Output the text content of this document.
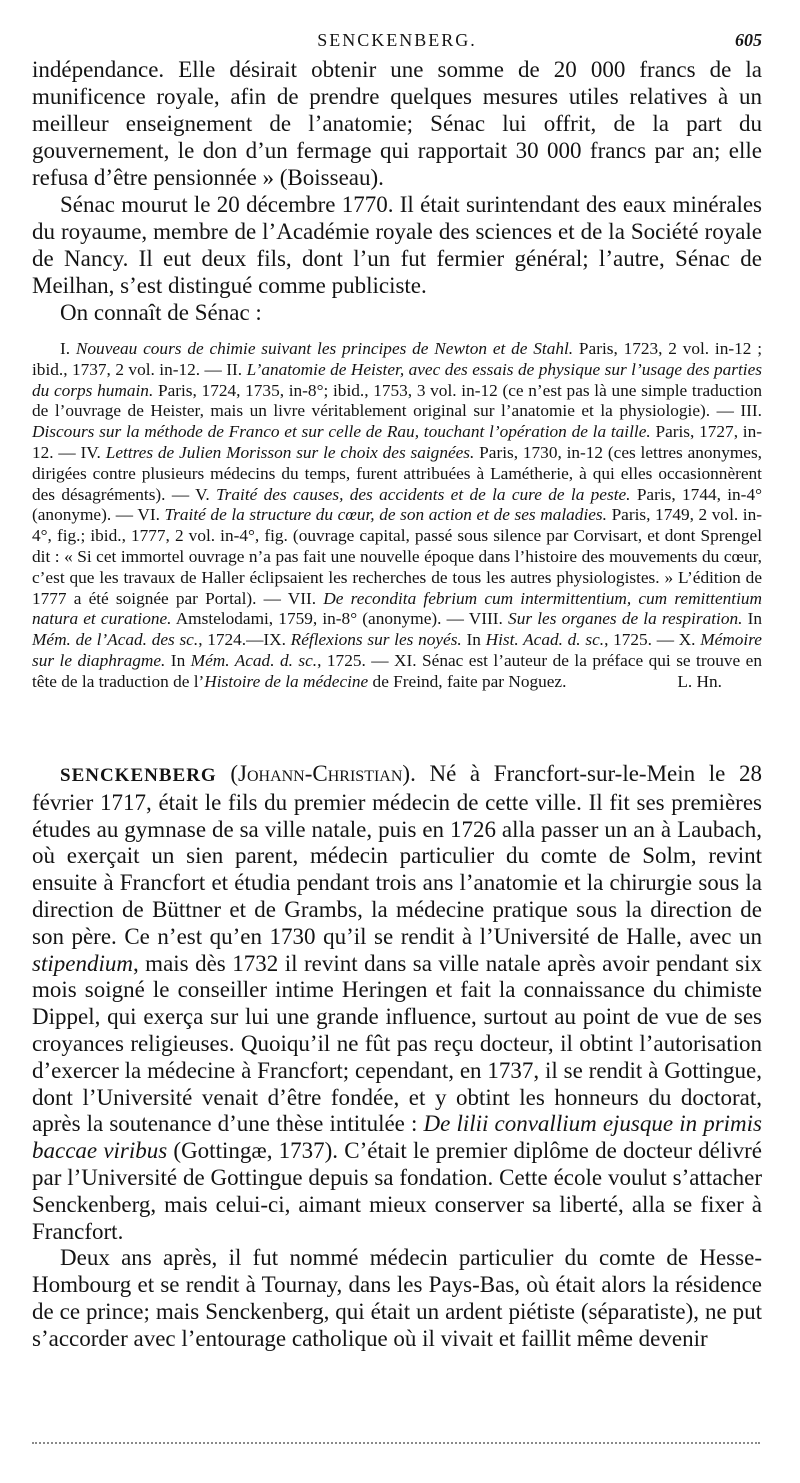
SENCKENBERG.	605

indépendance. Elle désirait obtenir une somme de 20 000 francs de la munificence royale, afin de prendre quelques mesures utiles relatives à un meilleur enseignement de l’anatomie; Sénac lui offrit, de la part du gouvernement, le don d’un fermage qui rapportait 30 000 francs par an; elle refusa d’être pensionnée » (Boisseau).

Sénac mourut le 20 décembre 1770. Il était surintendant des eaux minérales du royaume, membre de l’Académie royale des sciences et de la Société royale de Nancy. Il eut deux fils, dont l’un fut fermier général; l’autre, Sénac de Meilhan, s’est distingué comme publiciste.

On connaît de Sénac :

I. Nouveau cours de chimie suivant les principes de Newton et de Stahl. Paris, 1723, 2 vol. in-12 ; ibid., 1737, 2 vol. in-12. — II. L’anatomie de Heister, avec des essais de physique sur l’usage des parties du corps humain. Paris, 1724, 1735, in-8°; ibid., 1753, 3 vol. in-12 (ce n’est pas là une simple traduction de l’ouvrage de Heister, mais un livre véritablement original sur l’anatomie et la physiologie). — III. Discours sur la méthode de Franco et sur celle de Rau, touchant l’opération de la taille. Paris, 1727, in-12. — IV. Lettres de Julien Morisson sur le choix des saignées. Paris, 1730, in-12 (ces lettres anonymes, dirigées contre plusieurs médecins du temps, furent attribuées à Lamétherie, à qui elles occasionnèrent des désagréments). — V. Traité des causes, des accidents et de la cure de la peste. Paris, 1744, in-4° (anonyme). — VI. Traité de la structure du cœur, de son action et de ses maladies. Paris, 1749, 2 vol. in-4°, fig.; ibid., 1777, 2 vol. in-4°, fig. (ouvrage capital, passé sous silence par Corvisart, et dont Sprengel dit : « Si cet immortel ouvrage n’a pas fait une nouvelle époque dans l’histoire des mouvements du cœur, c’est que les travaux de Haller éclipsaient les recherches de tous les autres physiologistes. » L’édition de 1777 a été soignée par Portal). — VII. De recondita febrium cum intermittentium, cum remittentium natura et curatione. Amstelodami, 1759, in-8° (anonyme). — VIII. Sur les organes de la respiration. In Mém. de l’Acad. des sc., 1724.—IX. Réflexions sur les noyés. In Hist. Acad. d. sc., 1725. — X. Mémoire sur le diaphragme. In Mém. Acad. d. sc., 1725. — XI. Sénac est l’auteur de la préface qui se trouve en tête de la traduction de l’Histoire de la médecine de Freind, faite par Noguez.	L. Hn.

SENCKENBERG (Johann-Christian). Né à Francfort-sur-le-Mein le 28 février 1717, était le fils du premier médecin de cette ville. Il fit ses premières études au gymnase de sa ville natale, puis en 1726 alla passer un an à Laubach, où exerçait un sien parent, médecin particulier du comte de Solm, revint ensuite à Francfort et étudia pendant trois ans l’anatomie et la chirurgie sous la direction de Büttner et de Grambs, la médecine pratique sous la direction de son père. Ce n’est qu’en 1730 qu’il se rendit à l’Université de Halle, avec un stipendium, mais dès 1732 il revint dans sa ville natale après avoir pendant six mois soigné le conseiller intime Heringen et fait la connaissance du chimiste Dippel, qui exerça sur lui une grande influence, surtout au point de vue de ses croyances religieuses. Quoiqu’il ne fût pas reçu docteur, il obtint l’autorisation d’exercer la médecine à Francfort; cependant, en 1737, il se rendit à Gottingue, dont l’Université venait d’être fondée, et y obtint les honneurs du doctorat, après la soutenance d’une thèse intitulée : De lilii convallium ejusque in primis baccae viribus (Gottingæ, 1737). C’était le premier diplôme de docteur délivré par l’Université de Gottingue depuis sa fondation. Cette école voulut s’attacher Senckenberg, mais celui-ci, aimant mieux conserver sa liberté, alla se fixer à Francfort.

Deux ans après, il fut nommé médecin particulier du comte de Hesse-Hombourg et se rendit à Tournay, dans les Pays-Bas, où était alors la résidence de ce prince; mais Senckenberg, qui était un ardent piétiste (séparatiste), ne put s’accorder avec l’entourage catholique où il vivait et faillit même devenir
